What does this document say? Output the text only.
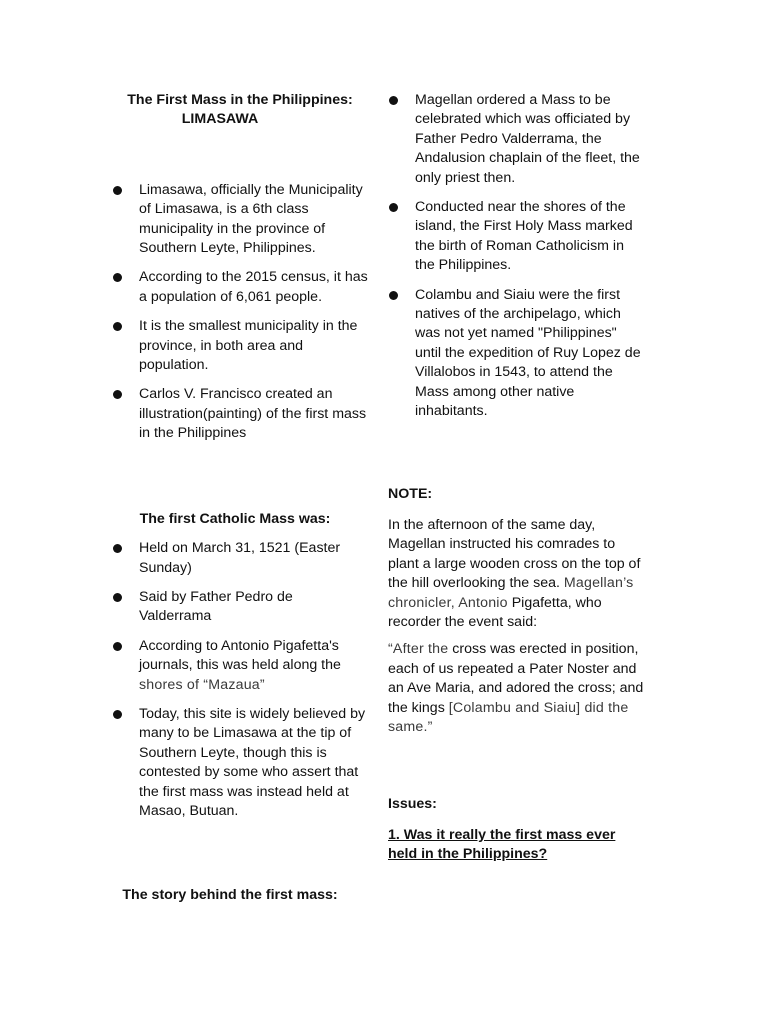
The First Mass in the Philippines:

LIMASAWA

Limasawa, officially the Municipality of Limasawa, is a 6th class municipality in the province of Southern Leyte, Philippines.
According to the 2015 census, it has a population of 6,061 people.
It is the smallest municipality in the province, in both area and population.
Carlos V. Francisco created an illustration(painting) of the first mass in the Philippines

The first Catholic Mass was:

Held on March 31, 1521 (Easter Sunday)
Said by Father Pedro de Valderrama
According to Antonio Pigafetta's journals, this was held along the shores of “Mazaua”
Today, this site is widely believed by many to be Limasawa at the tip of Southern Leyte, though this is contested by some who assert that the first mass was instead held at Masao, Butuan.

The story behind the first mass:

Magellan ordered a Mass to be celebrated which was officiated by Father Pedro Valderrama, the Andalusion chaplain of the fleet, the only priest then.
Conducted near the shores of the island, the First Holy Mass marked the birth of Roman Catholicism in the Philippines.
Colambu and Siaiu were the first natives of the archipelago, which was not yet named "Philippines" until the expedition of Ruy Lopez de Villalobos in 1543, to attend the Mass among other native inhabitants.

NOTE:

In the afternoon of the same day, Magellan instructed his comrades to plant a large wooden cross on the top of the hill overlooking the sea. Magellan’s chronicler, Antonio Pigafetta, who recorder the event said:

“After the cross was erected in position, each of us repeated a Pater Noster and an Ave Maria, and adored the cross; and the kings [Colambu and Siaiu] did the same.”

Issues:

1. Was it really the first mass ever held in the Philippines?
